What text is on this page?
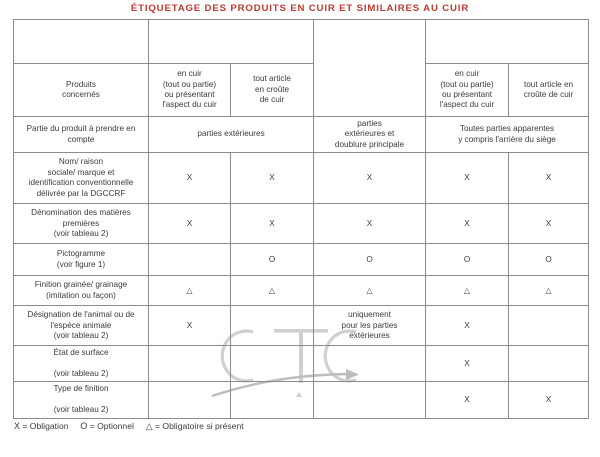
ÉTIQUETAGE DES PRODUITS EN CUIR ET SIMILAIRES AU CUIR
	Matières premières /
produits semi-manufacturés /
produits manufacturés		Maroquinerie
et voyage	Meubles	
Produits
concernés	en cuir
(tout ou partie)
ou présentant
l'aspect du cuir	tout article
en croûte
de cuir		en cuir
(tout ou partie)
ou présentant
l'aspect du cuir	tout article en
croûte de cuir
Partie du produit à prendre en
compte	parties extérieures		parties
extérieures et
doublure principale	Toutes parties apparentes
y compris l'arrière du siège	
Nom/ raison
sociale/ marque et
identification conventionnelle
délivrée par la DGCCRF	X	X	X	X	X
Dénomination des matières
premières
(voir tableau 2)	X	X	X	X	X
Pictogramme
(voir figure 1)		O	O	O	O
Finition grainée/ grainage
(imitation ou façon)	△	△	△	△	△
Désignation de l'animal ou de
l'espèce animale
(voir tableau 2)	X		uniquement
pour les parties
extérieures	X	
État de surface

(voir tableau 2)				X	
Type de finition

(voir tableau 2)				X	X
X = Obligation O = Optionnel △ = Obligatoire si présent
